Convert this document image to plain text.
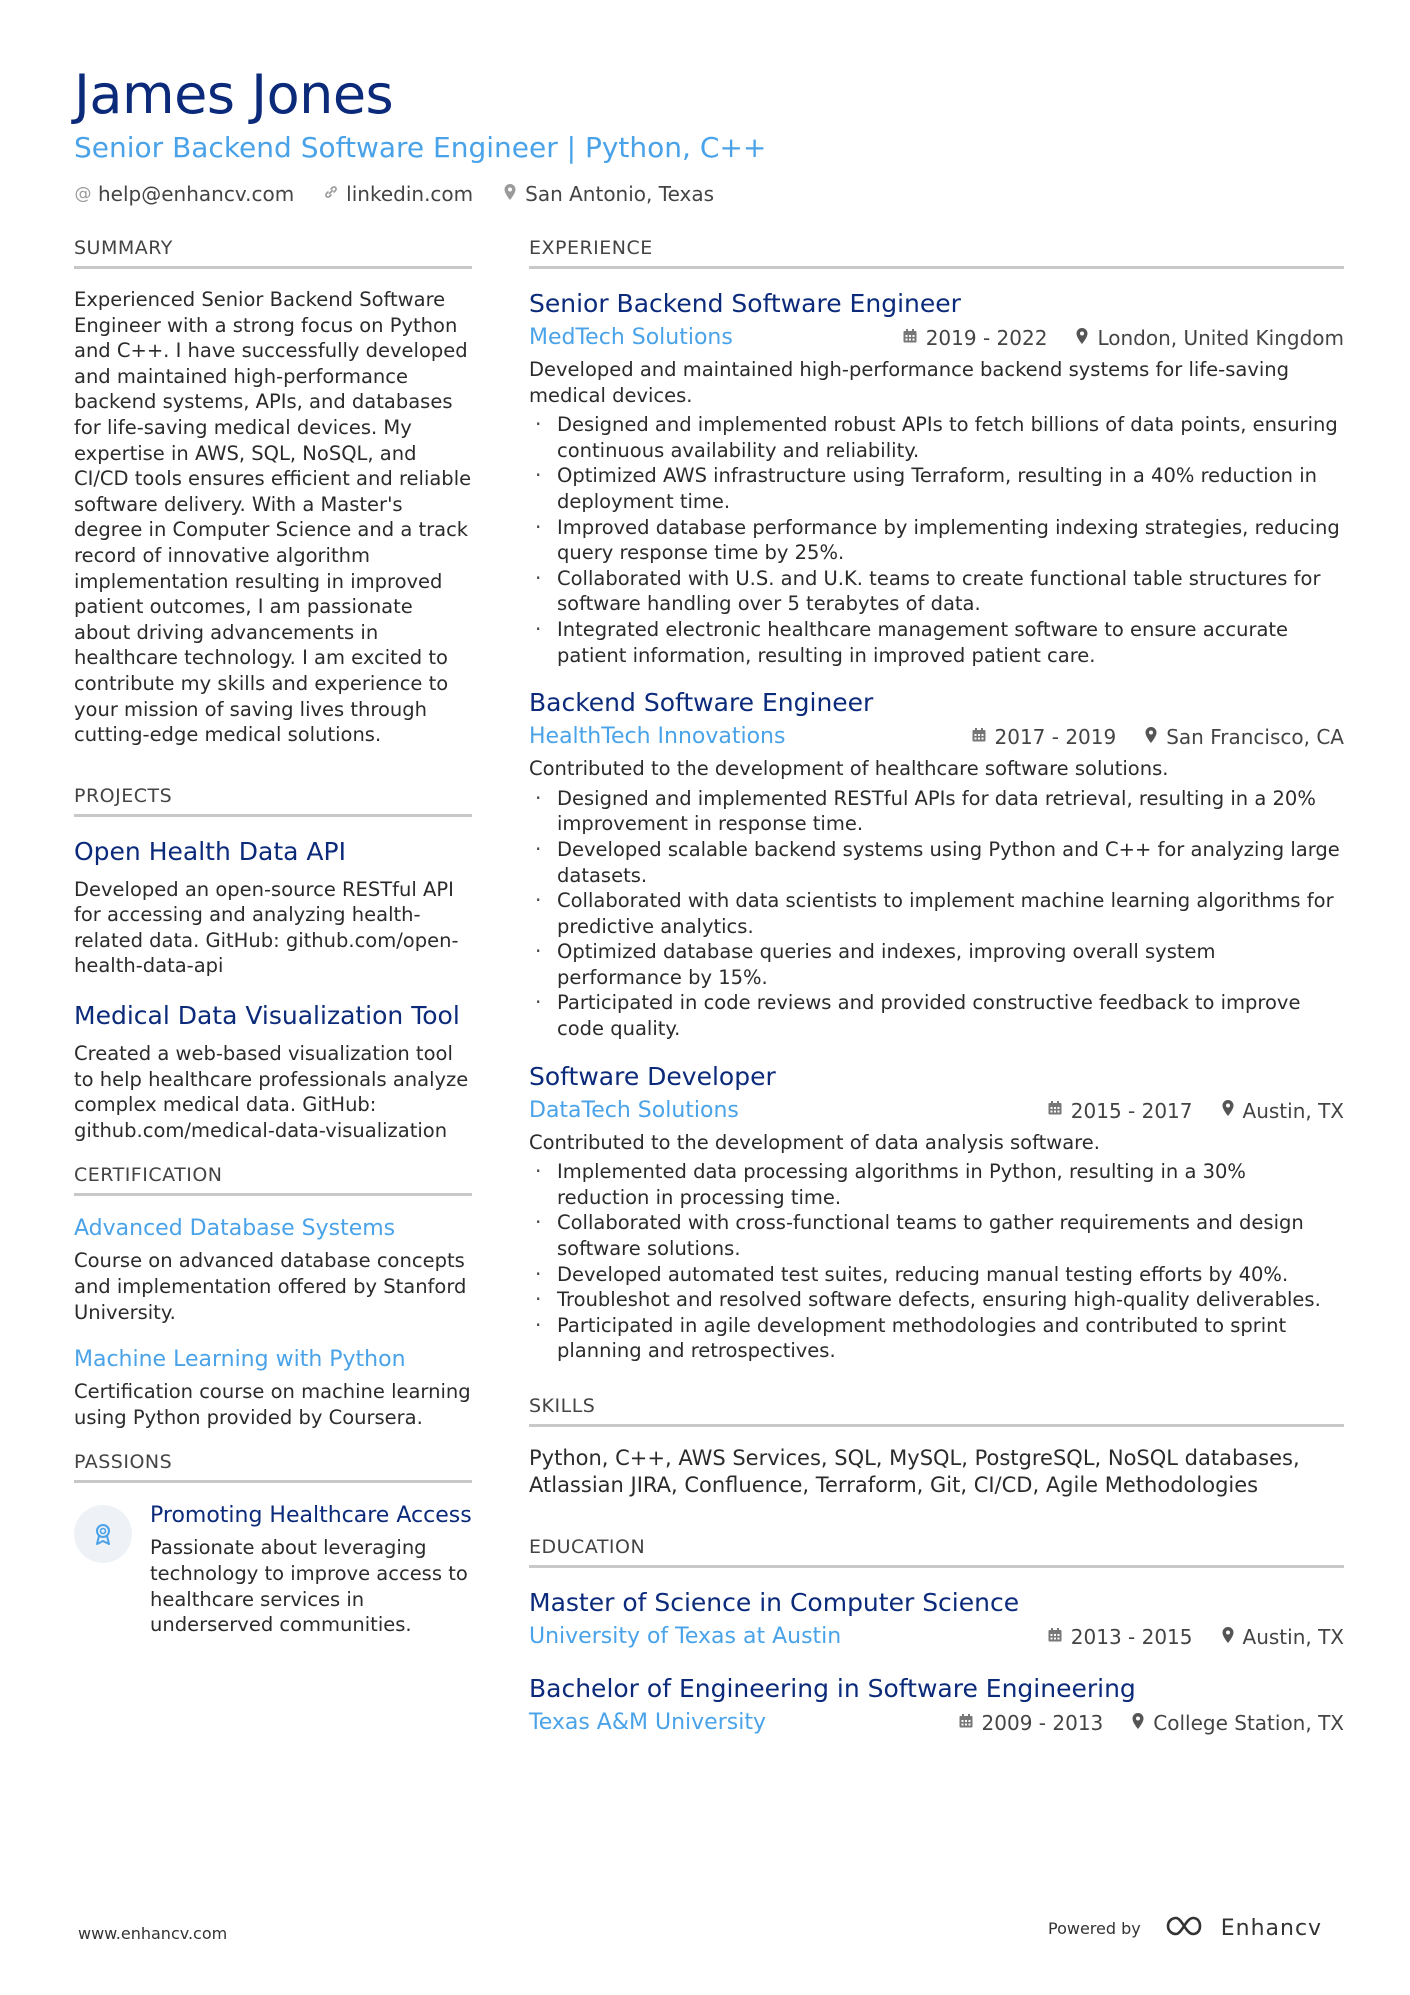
James Jones
Senior Backend Software Engineer | Python, C++
@ help@enhancv.com	linkedin.com	San Antonio, Texas
SUMMARY
Experienced Senior Backend Software Engineer with a strong focus on Python and C++. I have successfully developed and maintained high-performance backend systems, APIs, and databases for life-saving medical devices. My expertise in AWS, SQL, NoSQL, and CI/CD tools ensures efficient and reliable software delivery. With a Master's degree in Computer Science and a track record of innovative algorithm implementation resulting in improved patient outcomes, I am passionate about driving advancements in healthcare technology. I am excited to contribute my skills and experience to your mission of saving lives through cutting-edge medical solutions.
PROJECTS
Open Health Data API
Developed an open-source RESTful API for accessing and analyzing health-related data. GitHub: github.com/open-health-data-api
Medical Data Visualization Tool
Created a web-based visualization tool to help healthcare professionals analyze complex medical data. GitHub: github.com/medical-data-visualization
CERTIFICATION
Advanced Database Systems
Course on advanced database concepts and implementation offered by Stanford University.
Machine Learning with Python
Certification course on machine learning using Python provided by Coursera.
PASSIONS
Promoting Healthcare Access
Passionate about leveraging technology to improve access to healthcare services in underserved communities.
EXPERIENCE
Senior Backend Software Engineer
MedTech Solutions	2019 - 2022	London, United Kingdom
Developed and maintained high-performance backend systems for life-saving medical devices.
· Designed and implemented robust APIs to fetch billions of data points, ensuring continuous availability and reliability.
· Optimized AWS infrastructure using Terraform, resulting in a 40% reduction in deployment time.
· Improved database performance by implementing indexing strategies, reducing query response time by 25%.
· Collaborated with U.S. and U.K. teams to create functional table structures for software handling over 5 terabytes of data.
· Integrated electronic healthcare management software to ensure accurate patient information, resulting in improved patient care.
Backend Software Engineer
HealthTech Innovations	2017 - 2019	San Francisco, CA
Contributed to the development of healthcare software solutions.
· Designed and implemented RESTful APIs for data retrieval, resulting in a 20% improvement in response time.
· Developed scalable backend systems using Python and C++ for analyzing large datasets.
· Collaborated with data scientists to implement machine learning algorithms for predictive analytics.
· Optimized database queries and indexes, improving overall system performance by 15%.
· Participated in code reviews and provided constructive feedback to improve code quality.
Software Developer
DataTech Solutions	2015 - 2017	Austin, TX
Contributed to the development of data analysis software.
· Implemented data processing algorithms in Python, resulting in a 30% reduction in processing time.
· Collaborated with cross-functional teams to gather requirements and design software solutions.
· Developed automated test suites, reducing manual testing efforts by 40%.
· Troubleshot and resolved software defects, ensuring high-quality deliverables.
· Participated in agile development methodologies and contributed to sprint planning and retrospectives.
SKILLS
Python, C++, AWS Services, SQL, MySQL, PostgreSQL, NoSQL databases, Atlassian JIRA, Confluence, Terraform, Git, CI/CD, Agile Methodologies
EDUCATION
Master of Science in Computer Science
University of Texas at Austin	2013 - 2015	Austin, TX
Bachelor of Engineering in Software Engineering
Texas A&M University	2009 - 2013	College Station, TX
www.enhancv.com	Powered by	Enhancv
